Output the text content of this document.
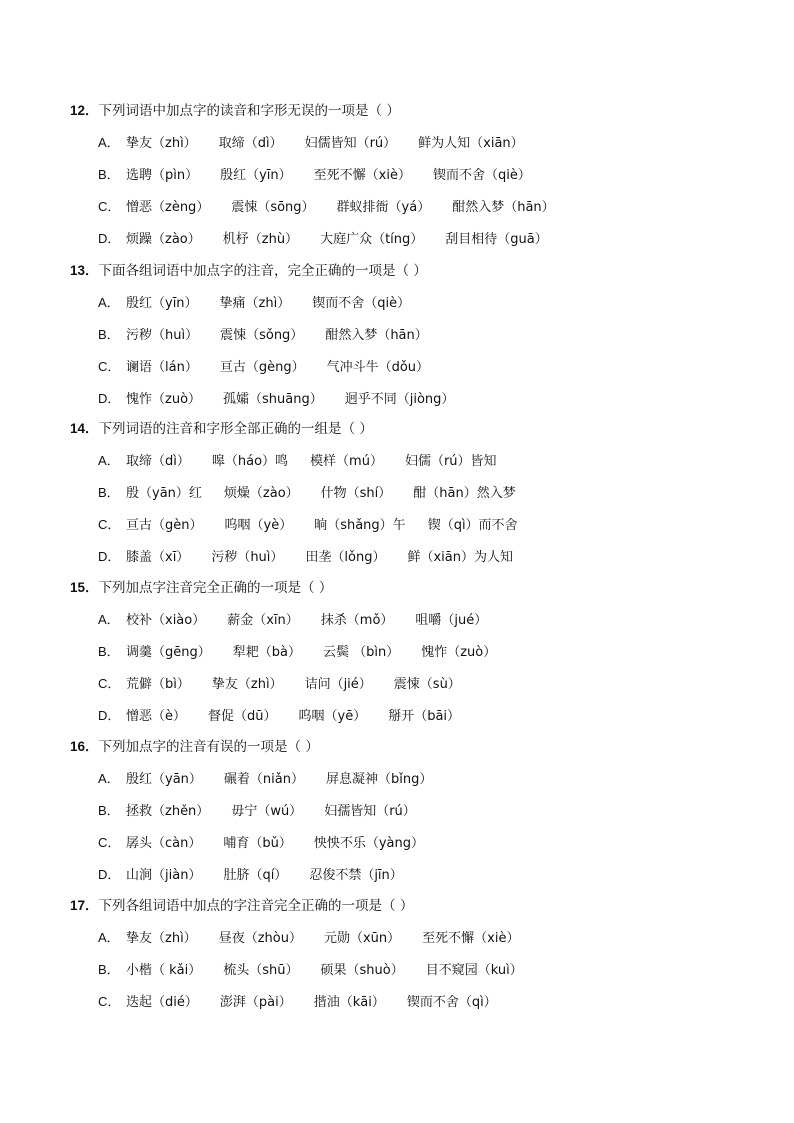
12．下列词语中加点字的读音和字形无误的一项是（ ）
A． 挚友（zhì） 取缔（dì） 妇儒皆知（rú） 鲜为人知（xiān）
B． 选聘（pìn） 殷红（yīn） 至死不懈（xiè） 锲而不舍（qiè）
C． 憎恶（zèng） 震悚（sōng） 群蚁排衙（yá） 酣然入梦（hān）
D． 烦躁（zào） 机杼（zhù） 大庭广众（tíng） 刮目相待（guā）
13．下面各组词语中加点字的注音，完全正确的一项是（ ）
A． 殷红（yīn） 挚痛（zhì） 锲而不舍（qiè）
B． 污秽（huì） 震悚（sǒng） 酣然入梦（hān）
C． 谰语（lán） 亘古（gèng） 气冲斗牛（dǒu）
D． 愧怍（zuò） 孤孀（shuāng） 迥乎不同（jiòng）
14．下列词语的注音和字形全部正确的一组是（ ）
A． 取缔（dì） 嗥（háo）鸣 模样（mú） 妇儒（rú）皆知
B． 殷（yān）红 烦燥（zào） 什物（shí） 酣（hān）然入梦
C． 亘古（gèn） 呜咽（yè） 晌（shǎng）午 锲（qì）而不舍
D． 膝盖（xī） 污秽（huì） 田垄（lǒng） 鲜（xiān）为人知
15．下列加点字注音完全正确的一项是（ ）
A． 校补（xiào） 薪金（xīn） 抹杀（mǒ） 咀嚼（jué）
B． 调羹（gēng） 犁耙（bà） 云鬓 （bìn） 愧怍（zuò）
C． 荒僻（bì） 挚友（zhì） 诘问（jié） 震悚（sù）
D． 憎恶（è） 督促（dū） 呜咽（yē） 掰开（bāi）
16．下列加点字的注音有误的一项是（ ）
A． 殷红（yān） 碾着（niǎn） 屏息凝神（bǐng）
B． 拯救（zhěn） 毋宁（wú） 妇孺皆知（rú）
C． 孱头（càn） 哺育（bǔ） 怏怏不乐（yàng）
D． 山涧（jiàn） 肚脐（qí） 忍俊不禁（jīn）
17．下列各组词语中加点的字注音完全正确的一项是（ ）
A． 挚友（zhì） 昼夜（zhòu） 元勋（xūn） 至死不懈（xiè）
B． 小楷（ kǎi） 梳头（shū） 硕果（shuò） 目不窥园（kuì）
C． 迭起（dié） 澎湃（pài） 揩油（kāi） 锲而不舍（qì）
